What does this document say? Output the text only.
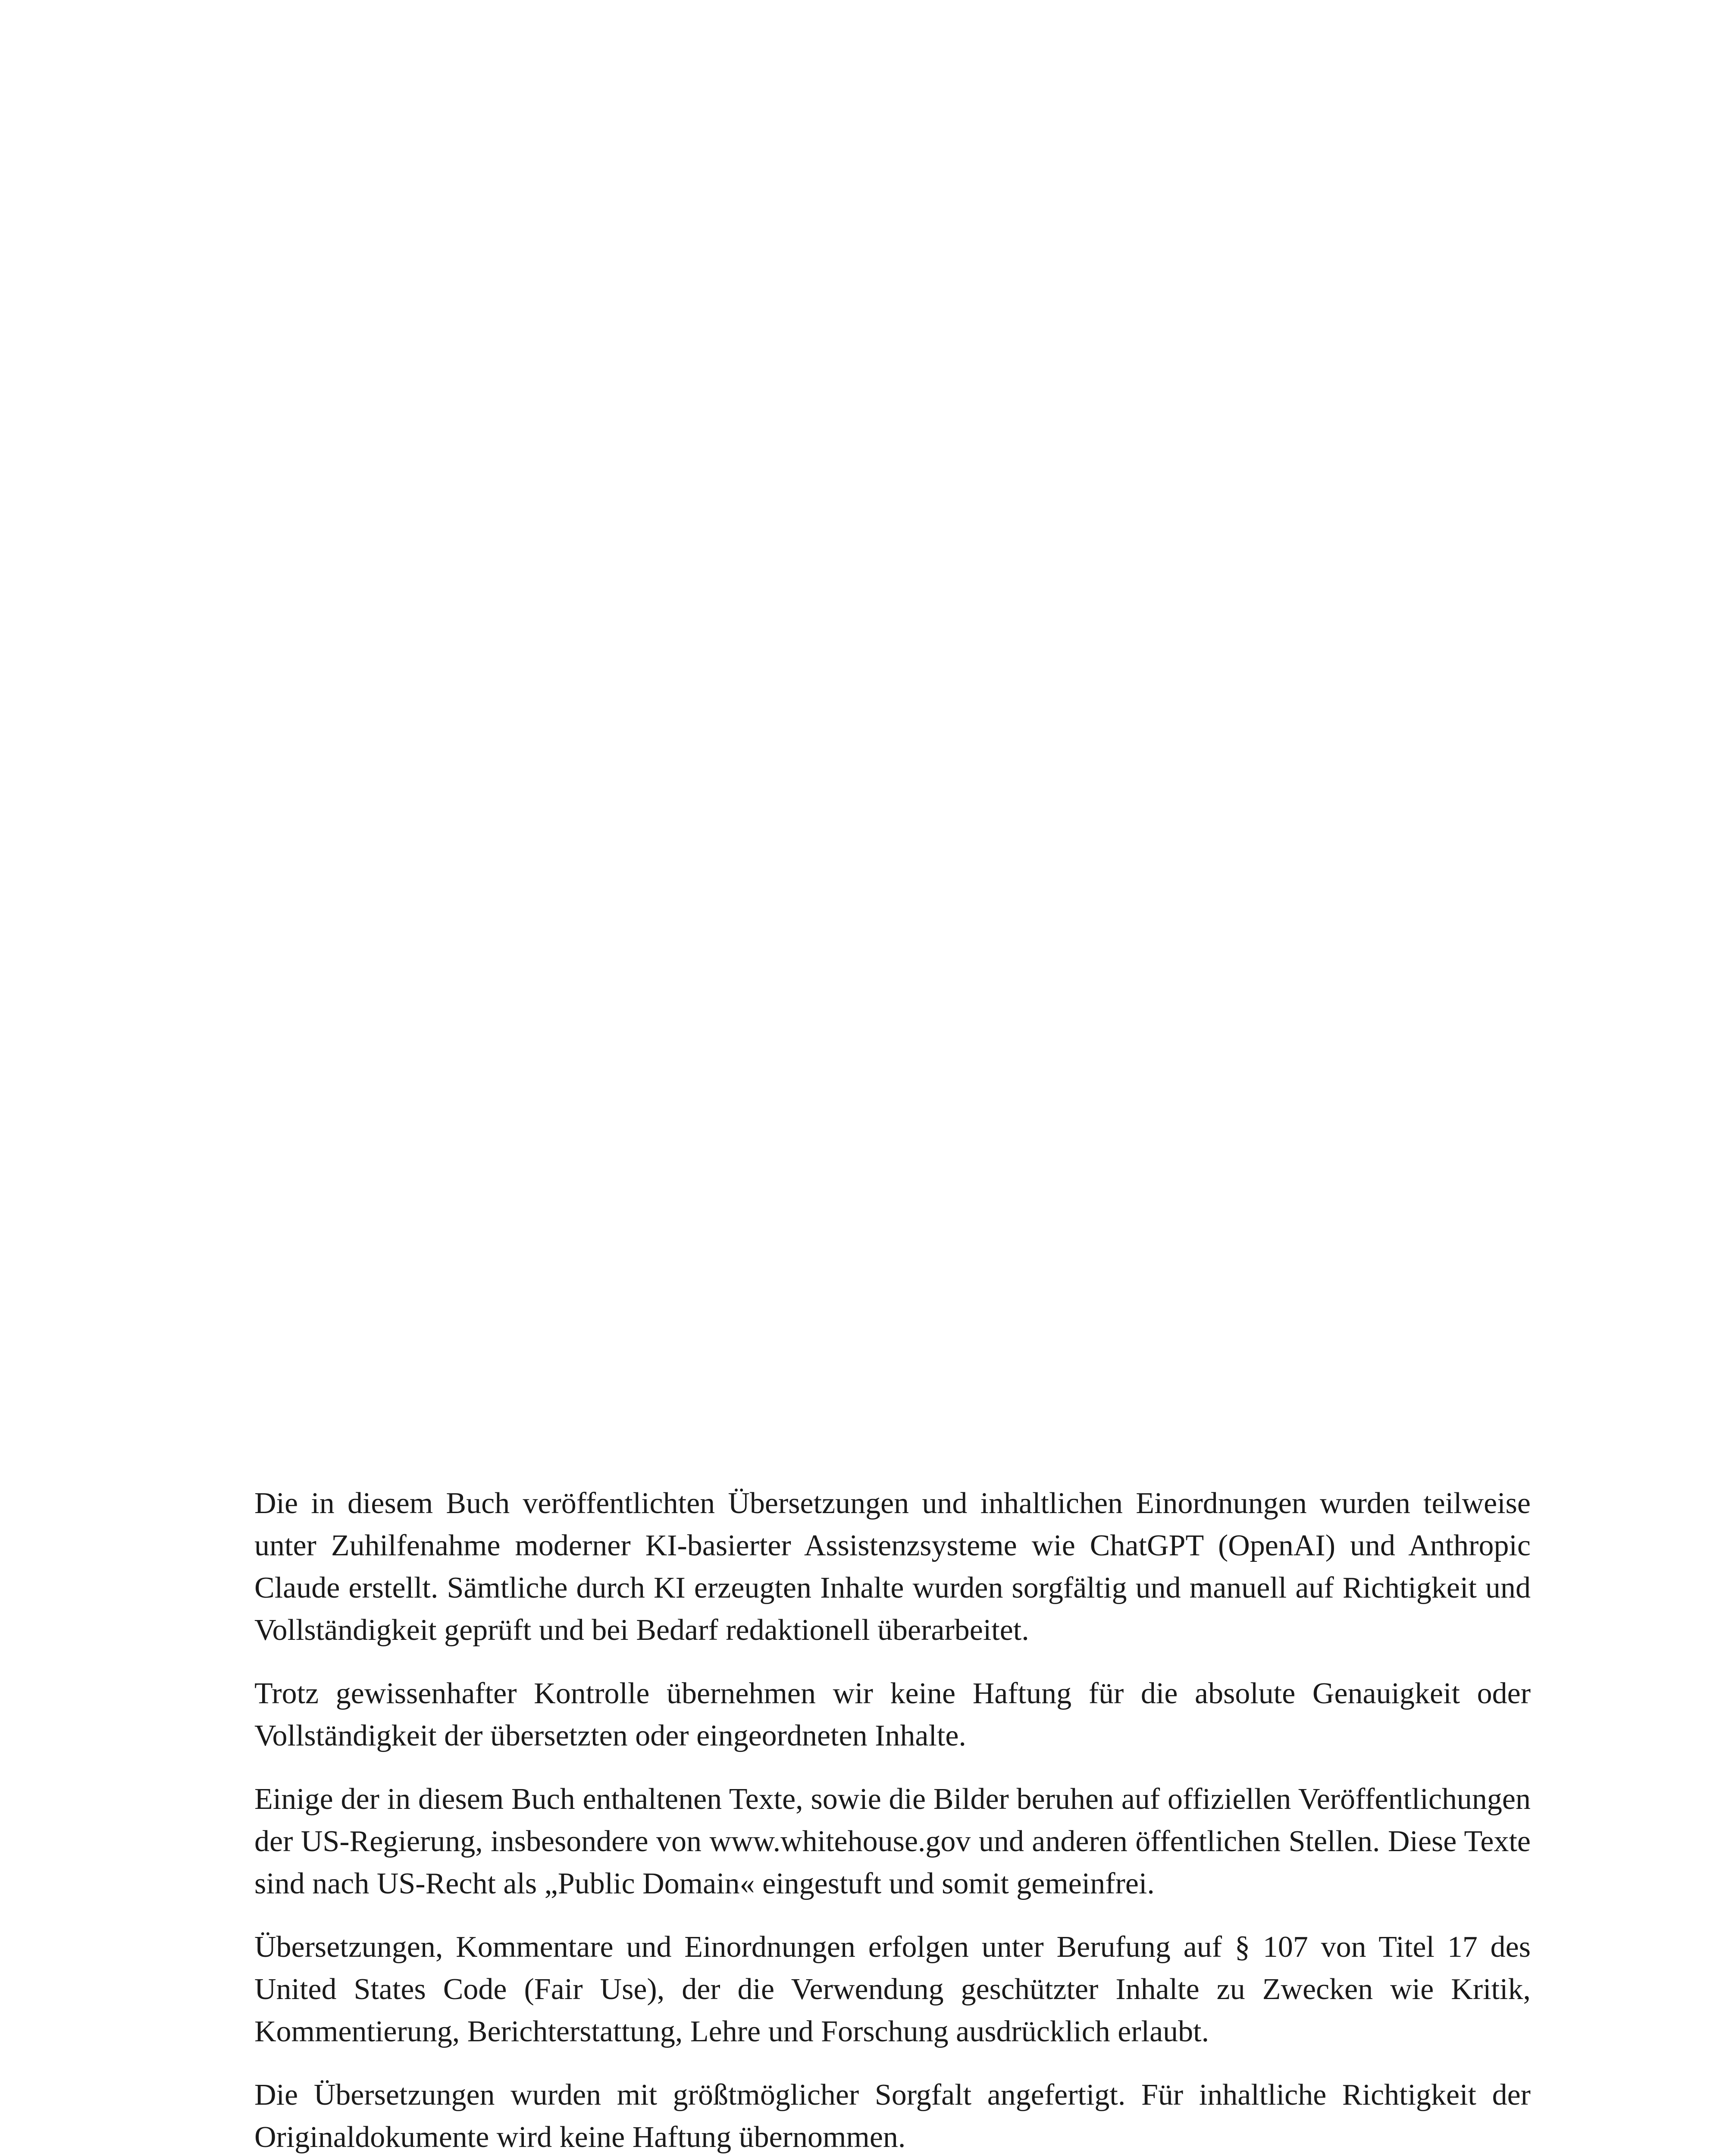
Die in diesem Buch veröffentlichten Übersetzungen und inhaltlichen Einordnungen wurden teilweise unter Zuhilfenahme moderner KI-basierter Assistenzsysteme wie ChatGPT (OpenAI) und Anthropic Claude erstellt. Sämtliche durch KI erzeugten Inhalte wurden sorgfältig und manuell auf Richtigkeit und Vollständigkeit geprüft und bei Bedarf redaktionell überarbeitet.

Trotz gewissenhafter Kontrolle übernehmen wir keine Haftung für die absolute Genauigkeit oder Vollständigkeit der übersetzten oder eingeordneten Inhalte.

Einige der in diesem Buch enthaltenen Texte, sowie die Bilder beruhen auf offiziellen Veröffentlichungen der US-Regierung, insbesondere von www.whitehouse.gov und anderen öffentlichen Stellen. Diese Texte sind nach US-Recht als „Public Domain« eingestuft und somit gemeinfrei.

Übersetzungen, Kommentare und Einordnungen erfolgen unter Berufung auf § 107 von Titel 17 des United States Code (Fair Use), der die Verwendung geschützter Inhalte zu Zwecken wie Kritik, Kommentierung, Berichterstattung, Lehre und Forschung ausdrücklich erlaubt.

Die Übersetzungen wurden mit größtmöglicher Sorgfalt angefertigt. Für inhaltliche Richtigkeit der Originaldokumente wird keine Haftung übernommen.
